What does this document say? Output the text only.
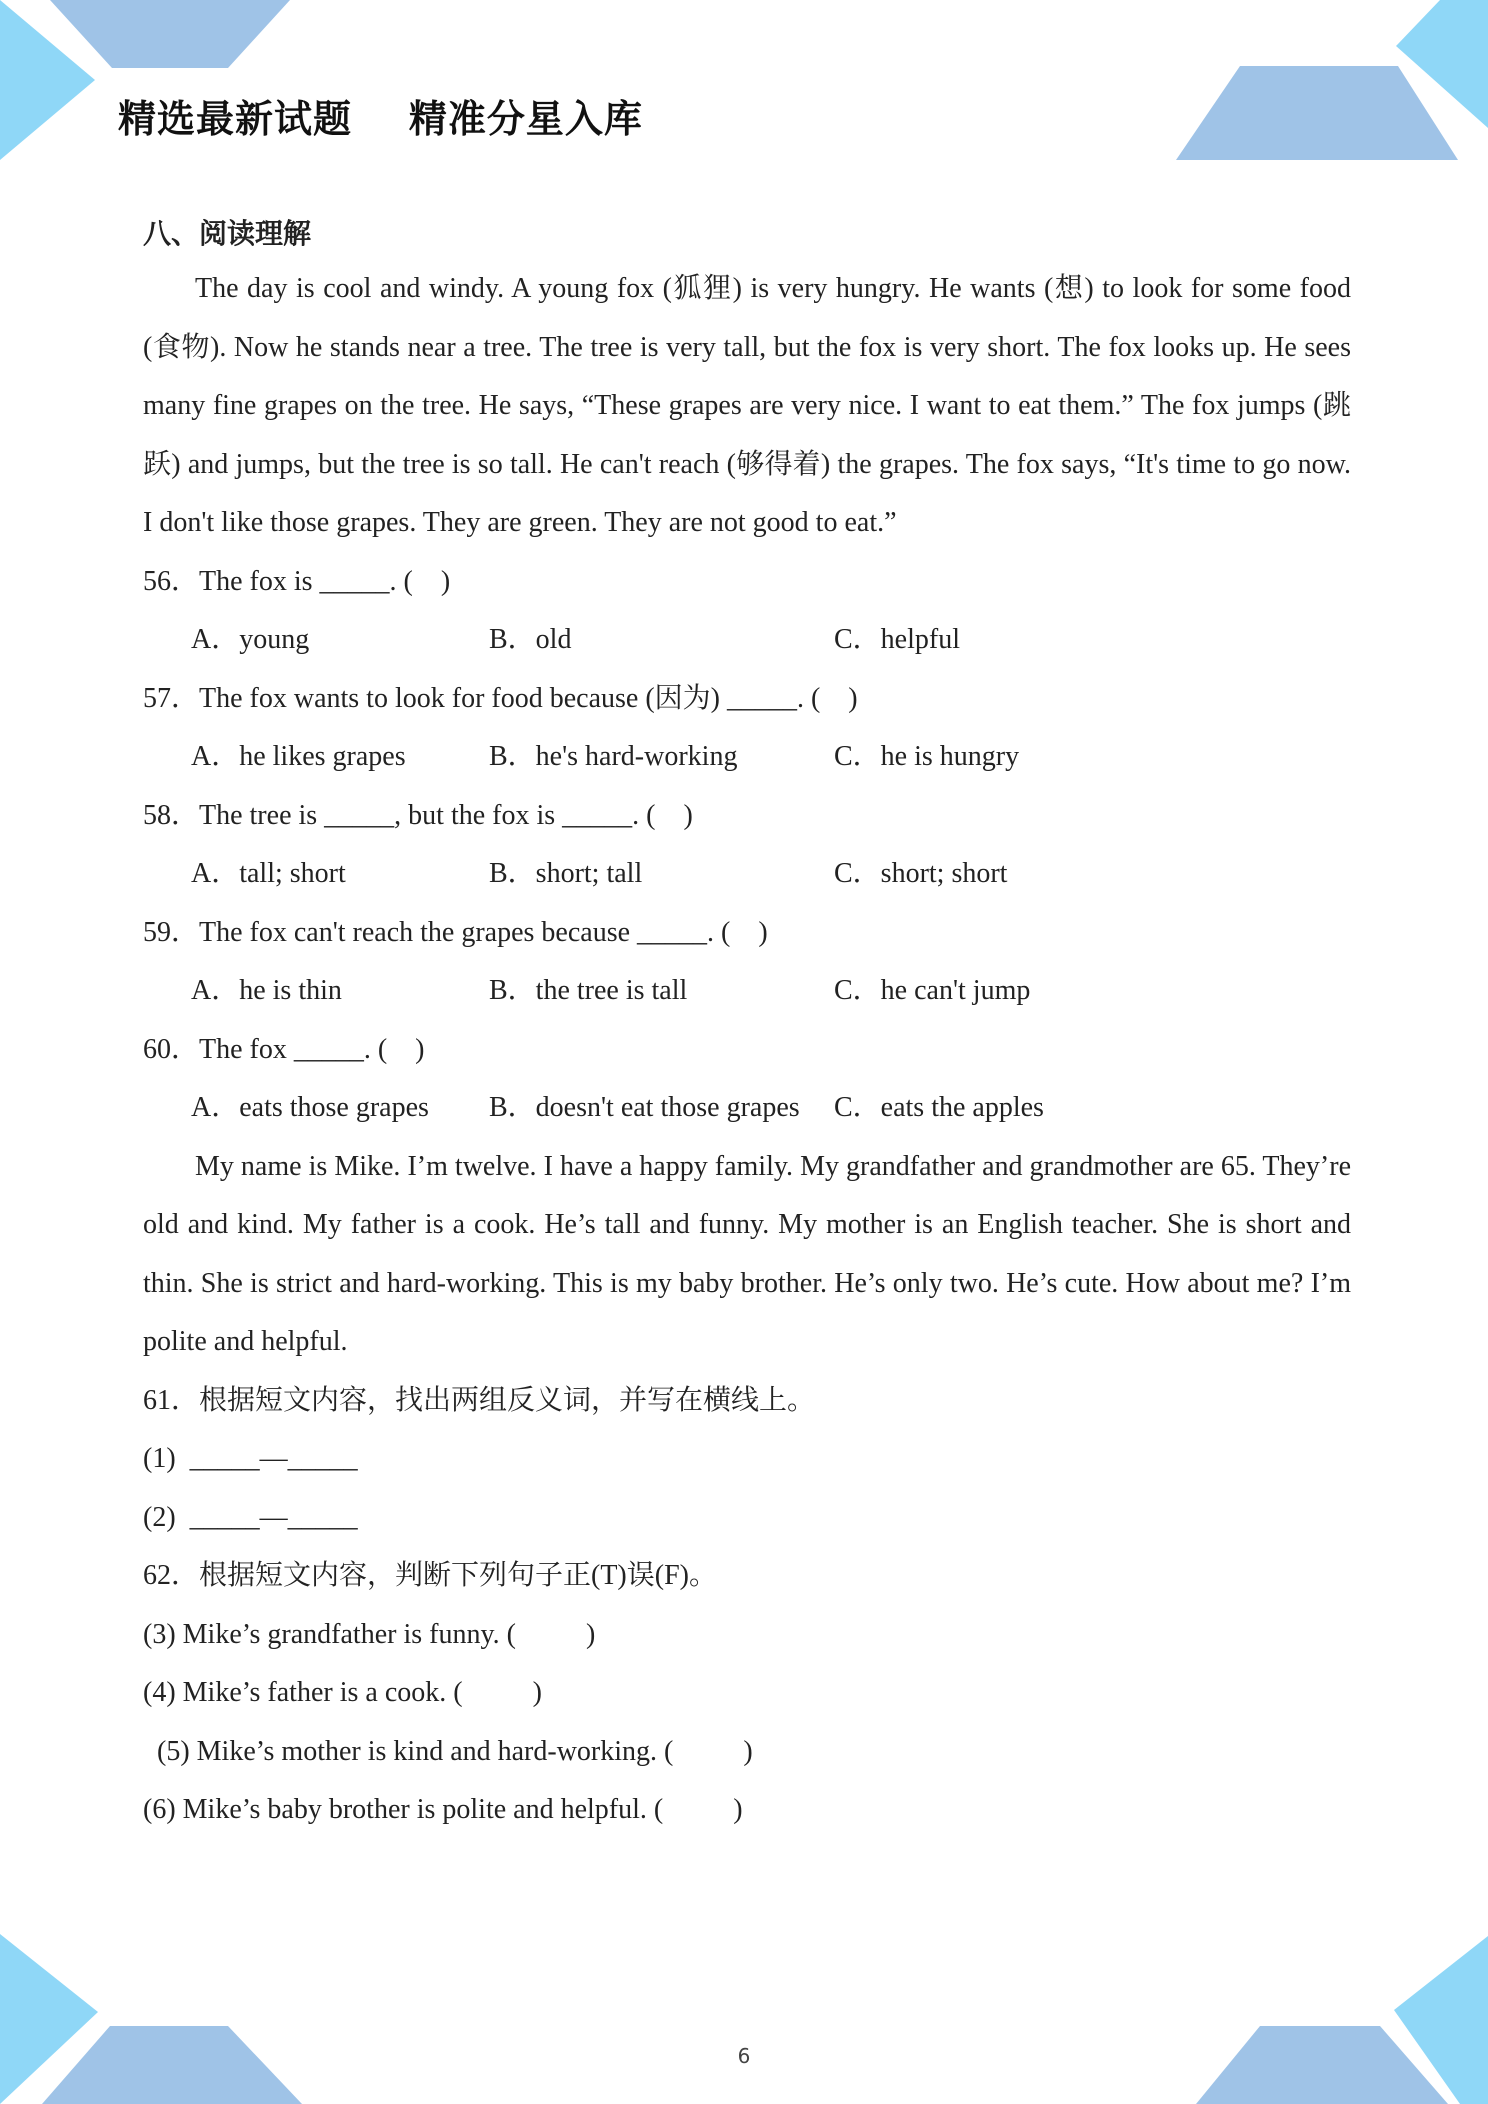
精选最新试题    精准分星入库
八、阅读理解

The day is cool and windy. A young fox (狐狸) is very hungry. He wants (想) to look for some food (食物). Now he stands near a tree. The tree is very tall, but the fox is very short. The fox looks up. He sees many fine grapes on the tree. He says, “These grapes are very nice. I want to eat them.” The fox jumps (跳跃) and jumps, but the tree is so tall. He can't reach (够得着) the grapes. The fox says, “It's time to go now. I don't like those grapes. They are green. They are not good to eat.”

56．The fox is _____. (    )

A．young	B．old	C．helpful

57．The fox wants to look for food because (因为) _____. (    )

A．he likes grapes	B．he's hard-working	C．he is hungry

58．The tree is _____, but the fox is _____. (    )

A．tall; short	B．short; tall	C．short; short

59．The fox can't reach the grapes because _____. (    )

A．he is thin	B．the tree is tall	C．he can't jump

60．The fox _____. (    )

A．eats those grapes	B．doesn't eat those grapes	C．eats the apples

My name is Mike. I’m twelve. I have a happy family. My grandfather and grandmother are 65. They’re old and kind. My father is a cook. He’s tall and funny. My mother is an English teacher. She is short and thin. She is strict and hard-working. This is my baby brother. He’s only two. He’s cute. How about me? I’m polite and helpful.

61．根据短文内容，找出两组反义词，并写在横线上。

(1)  _____—_____

(2)  _____—_____

62．根据短文内容，判断下列句子正(T)误(F)。

(3) Mike’s grandfather is funny. (          )

(4) Mike’s father is a cook. (          )

(5) Mike’s mother is kind and hard-working. (          )

(6) Mike’s baby brother is polite and helpful. (          )

6
